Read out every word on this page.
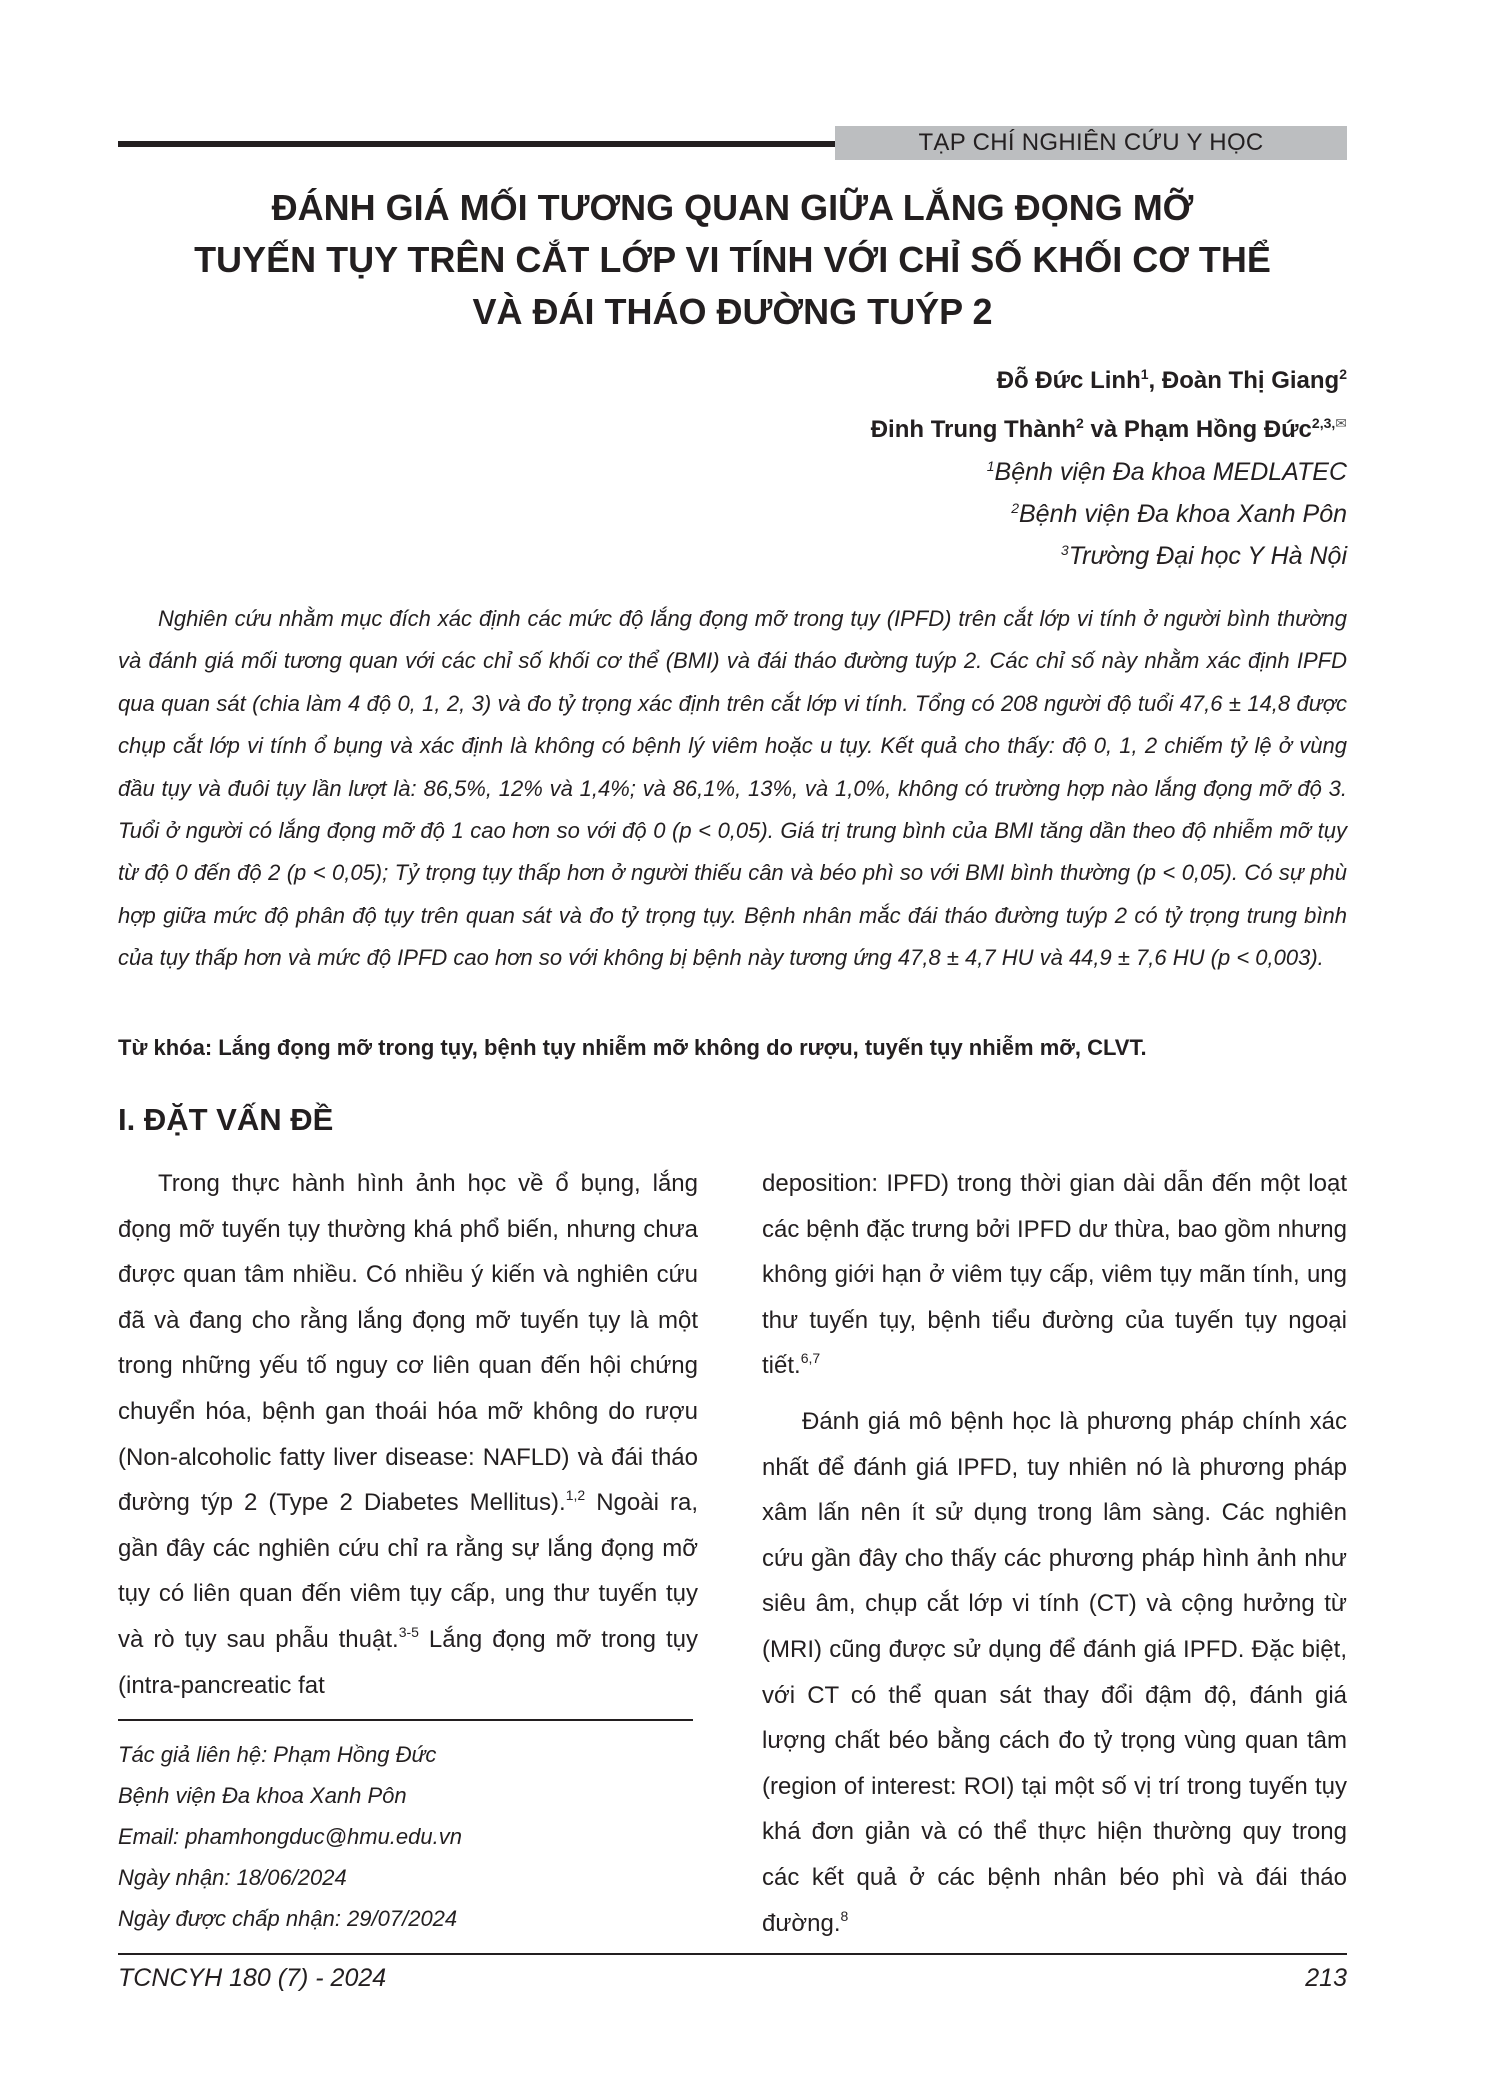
TẠP CHÍ NGHIÊN CỨU Y HỌC
ĐÁNH GIÁ MỐI TƯƠNG QUAN GIỮA LẮNG ĐỌNG MỠ
TUYẾN TỤY TRÊN CẮT LỚP VI TÍNH VỚI CHỈ SỐ KHỐI CƠ THỂ
VÀ ĐÁI THÁO ĐƯỜNG TUÝP 2
Đỗ Đức Linh$^1$, Đoàn Thị Giang$^2$
Đinh Trung Thành$^2$ và Phạm Hồng Đức$^{2,3,✉}$
$^1$Bệnh viện Đa khoa MEDLATEC
$^2$Bệnh viện Đa khoa Xanh Pôn
$^3$Trường Đại học Y Hà Nội

Nghiên cứu nhằm mục đích xác định các mức độ lắng đọng mỡ trong tụy (IPFD) trên cắt lớp vi tính ở người bình thường và đánh giá mối tương quan với các chỉ số khối cơ thể (BMI) và đái tháo đường tuýp 2. Các chỉ số này nhằm xác định IPFD qua quan sát (chia làm 4 độ 0, 1, 2, 3) và đo tỷ trọng xác định trên cắt lớp vi tính. Tổng có 208 người độ tuổi 47,6 ± 14,8 được chụp cắt lớp vi tính ổ bụng và xác định là không có bệnh lý viêm hoặc u tụy. Kết quả cho thấy: độ 0, 1, 2 chiếm tỷ lệ ở vùng đầu tụy và đuôi tụy lần lượt là: 86,5%, 12% và 1,4%; và 86,1%, 13%, và 1,0%, không có trường hợp nào lắng đọng mỡ độ 3. Tuổi ở người có lắng đọng mỡ độ 1 cao hơn so với độ 0 (p < 0,05). Giá trị trung bình của BMI tăng dần theo độ nhiễm mỡ tụy từ độ 0 đến độ 2 (p < 0,05); Tỷ trọng tụy thấp hơn ở người thiếu cân và béo phì so với BMI bình thường (p < 0,05). Có sự phù hợp giữa mức độ phân độ tụy trên quan sát và đo tỷ trọng tụy. Bệnh nhân mắc đái tháo đường tuýp 2 có tỷ trọng trung bình của tụy thấp hơn và mức độ IPFD cao hơn so với không bị bệnh này tương ứng 47,8 ± 4,7 HU và 44,9 ± 7,6 HU (p < 0,003).

Từ khóa: Lắng đọng mỡ trong tụy, bệnh tụy nhiễm mỡ không do rượu, tuyến tụy nhiễm mỡ, CLVT.
I. ĐẶT VẤN ĐỀ

Trong thực hành hình ảnh học về ổ bụng, lắng đọng mỡ tuyến tụy thường khá phổ biến, nhưng chưa được quan tâm nhiều. Có nhiều ý kiến và nghiên cứu đã và đang cho rằng lắng đọng mỡ tuyến tụy là một trong những yếu tố nguy cơ liên quan đến hội chứng chuyển hóa, bệnh gan thoái hóa mỡ không do rượu (Non-alcoholic fatty liver disease: NAFLD) và đái tháo đường týp 2 (Type 2 Diabetes Mellitus).$^{1,2}$ Ngoài ra, gần đây các nghiên cứu chỉ ra rằng sự lắng đọng mỡ tụy có liên quan đến viêm tụy cấp, ung thư tuyến tụy và rò tụy sau phẫu thuật.$^{3-5}$ Lắng đọng mỡ trong tụy (intra-pancreatic fat

deposition: IPFD) trong thời gian dài dẫn đến một loạt các bệnh đặc trưng bởi IPFD dư thừa, bao gồm nhưng không giới hạn ở viêm tụy cấp, viêm tụy mãn tính, ung thư tuyến tụy, bệnh tiểu đường của tuyến tụy ngoại tiết.$^{6,7}$

Đánh giá mô bệnh học là phương pháp chính xác nhất để đánh giá IPFD, tuy nhiên nó là phương pháp xâm lấn nên ít sử dụng trong lâm sàng. Các nghiên cứu gần đây cho thấy các phương pháp hình ảnh như siêu âm, chụp cắt lớp vi tính (CT) và cộng hưởng từ (MRI) cũng được sử dụng để đánh giá IPFD. Đặc biệt, với CT có thể quan sát thay đổi đậm độ, đánh giá lượng chất béo bằng cách đo tỷ trọng vùng quan tâm (region of interest: ROI) tại một số vị trí trong tuyến tụy khá đơn giản và có thể thực hiện thường quy trong các kết quả ở các bệnh nhân béo phì và đái tháo đường.$^8$

Tác giả liên hệ: Phạm Hồng Đức
Bệnh viện Đa khoa Xanh Pôn
Email: phamhongduc@hmu.edu.vn
Ngày nhận: 18/06/2024
Ngày được chấp nhận: 29/07/2024
TCNCYH 180 (7) - 2024	213
